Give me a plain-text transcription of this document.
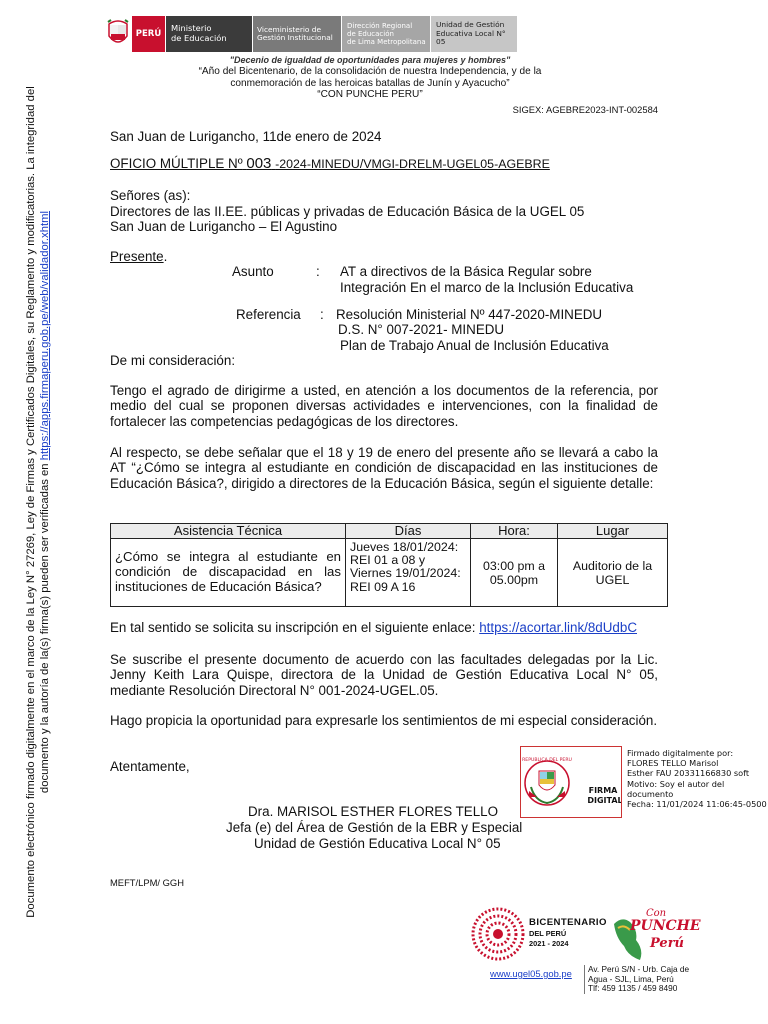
PERÚ
Ministerio
de Educación
Viceministerio de
Gestión Institucional
Dirección Regional
de Educación
de Lima Metropolitana
Unidad de Gestión
Educativa Local N° 05
"Decenio de igualdad de oportunidades para mujeres y hombres"
“Año del Bicentenario, de la consolidación de nuestra Independencia, y de la
conmemoración de las heroicas batallas de Junín y Ayacucho”
“CON PUNCHE PERU”
SIGEX: AGEBRE2023-INT-002584
Documento electrónico firmado digitalmente en el marco de la Ley N° 27269, Ley de Firmas y Certificados Digitales, su Reglamento y modificatorias. La integridad del documento y la autoría de la(s) firma(s) pueden ser verificadas en https://apps.firmaperu.gob.pe/web/validador.xhtml
San Juan de Lurigancho, 11de enero de 2024
OFICIO MÚLTIPLE Nº 003 -2024-MINEDU/VMGI-DRELM-UGEL05-AGEBRE
Señores (as):
Directores de las II.EE. públicas y privadas de Educación Básica de la UGEL 05
San Juan de Lurigancho – El Agustino
Presente.
Asunto	: AT a directivos de la Básica Regular sobre
Integración En el marco de la Inclusión Educativa
Referencia : Resolución Ministerial Nº 447-2020-MINEDU
D.S. N° 007-2021- MINEDU
Plan de Trabajo Anual de Inclusión Educativa
De mi consideración:
Tengo el agrado de dirigirme a usted, en atención a los documentos de la referencia, por medio del cual se proponen diversas actividades e intervenciones, con la finalidad de fortalecer las competencias pedagógicas de los directores.
Al respecto, se debe señalar que el 18 y 19 de enero del presente año se llevará a cabo la AT “¿Cómo se integra al estudiante en condición de discapacidad en las instituciones de Educación Básica?, dirigido a directores de la Educación Básica, según el siguiente detalle:
Asistencia Técnica	Días	Hora:	Lugar
¿Cómo se integra al estudiante en condición de discapacidad en las instituciones de Educación Básica?	Jueves 18/01/2024:
REI 01 a 08 y
Viernes 19/01/2024:
REI 09 A 16	03:00 pm a 05.00pm	Auditorio de la UGEL
En tal sentido se solicita su inscripción en el siguiente enlace: https://acortar.link/8dUdbC
Se suscribe el presente documento de acuerdo con las facultades delegadas por la Lic. Jenny Keith Lara Quispe, directora de la Unidad de Gestión Educativa Local N° 05, mediante Resolución Directoral N° 001-2024-UGEL.05.
Hago propicia la oportunidad para expresarle los sentimientos de mi especial consideración.
Atentamente,	REPUBLICA DEL PERU
FIRMA
DIGITAL
Firmado digitalmente por:
FLORES TELLO Marisol
Esther FAU 20331166830 soft
Motivo: Soy el autor del
documento
Fecha: 11/01/2024 11:06:45-0500
Dra. MARISOL ESTHER FLORES TELLO
Jefa (e) del Área de Gestión de la EBR y Especial
Unidad de Gestión Educativa Local N° 05
MEFT/LPM/ GGH
BICENTENARIO
DEL PERÚ
2021 - 2024
Con
PUNCHE
Perú
www.ugel05.gob.pe Av. Perú S/N - Urb. Caja de
Agua - SJL, Lima, Perú
Tlf: 459 1135 / 459 8490
